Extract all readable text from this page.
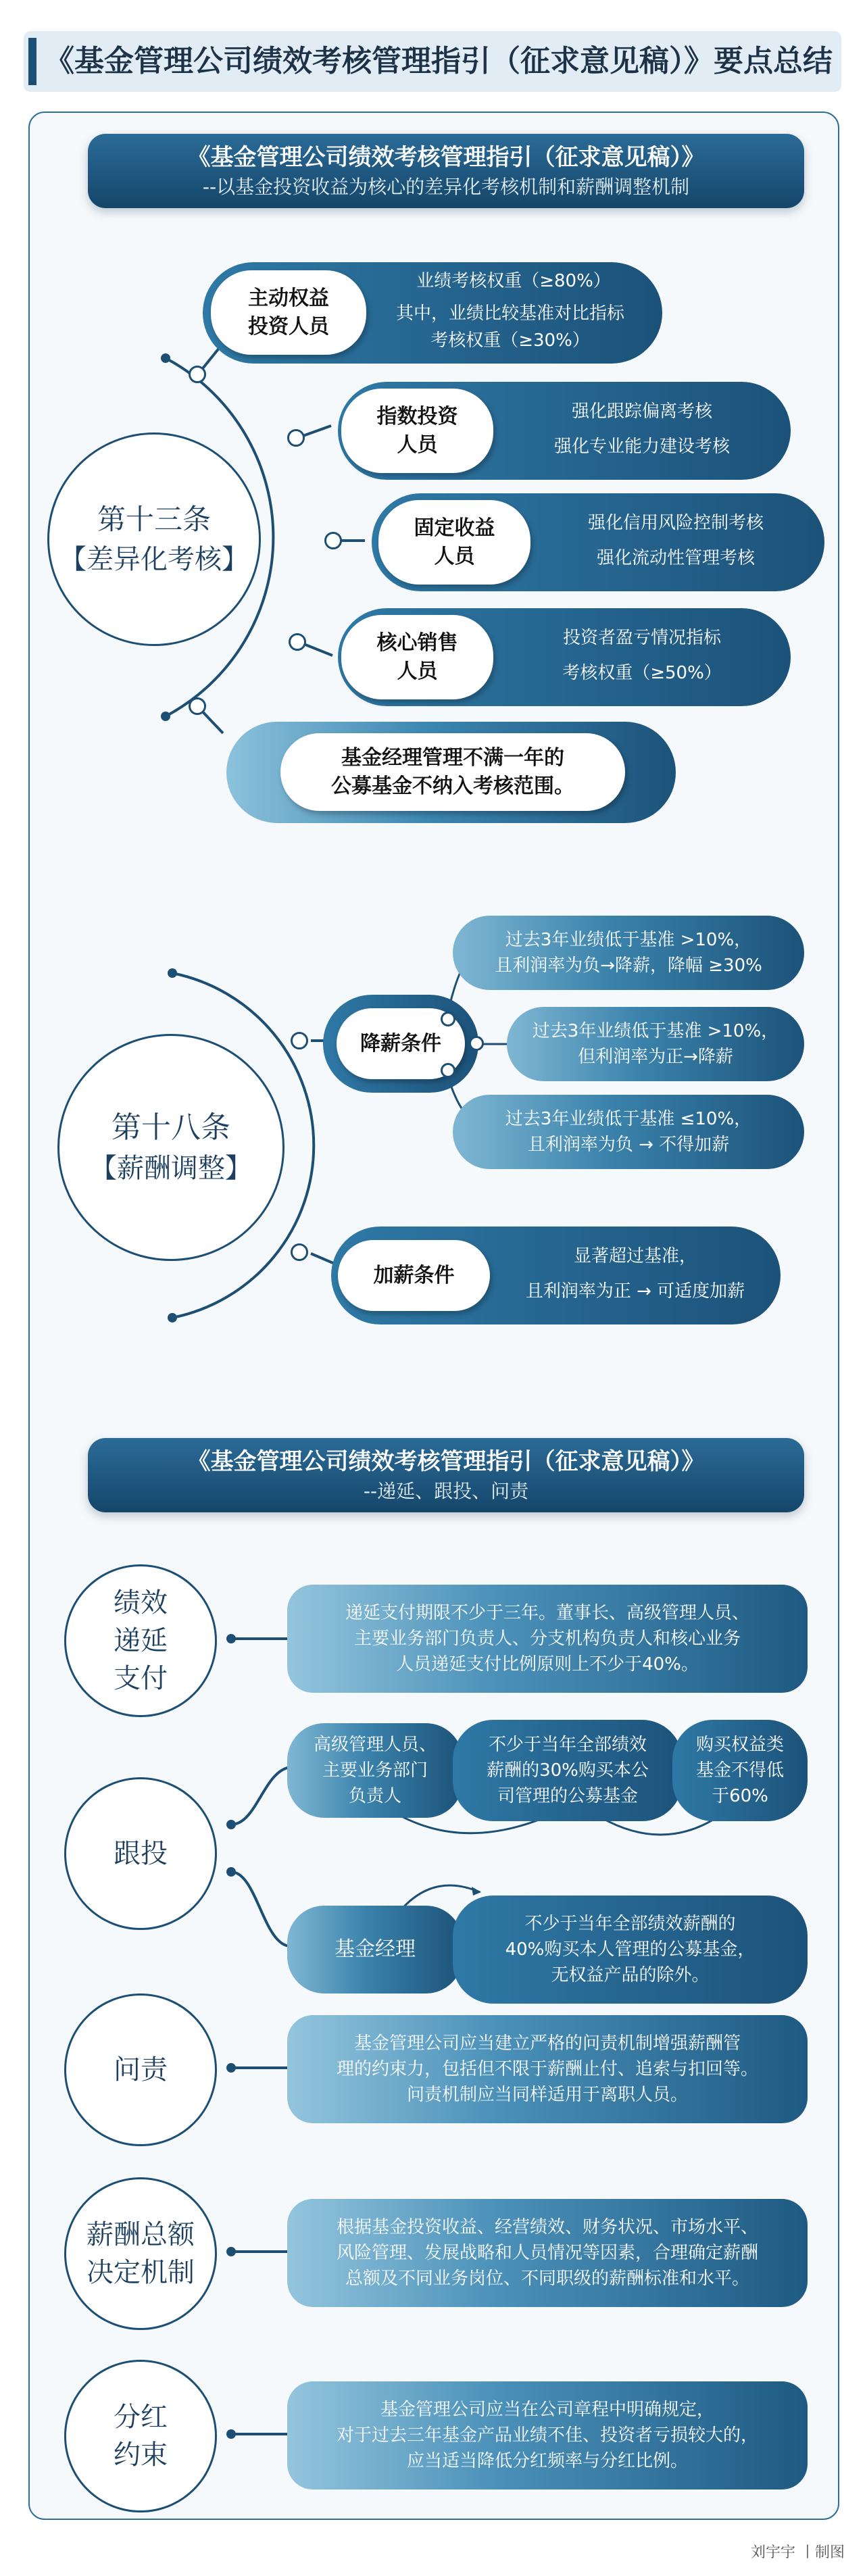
《基金管理公司绩效考核管理指引（征求意见稿）》要点总结
《基金管理公司绩效考核管理指引（征求意见稿）》
--以基金投资收益为核心的差异化考核机制和薪酬调整机制
第十三条
【差异化考核】
业绩考核权重（≥80%）
其中，业绩比较基准对比指标
考核权重（≥30%）
主动权益
投资人员
强化跟踪偏离考核
强化专业能力建设考核
指数投资
人员
强化信用风险控制考核
强化流动性管理考核
固定收益
人员
投资者盈亏情况指标
考核权重（≥50%）
核心销售
人员
基金经理管理不满一年的
公募基金不纳入考核范围。
第十八条
【薪酬调整】
降薪条件
过去3年业绩低于基准 >10%，
且利润率为负→降薪，降幅 ≥30%
过去3年业绩低于基准 >10%，
但利润率为正→降薪
过去3年业绩低于基准 ≤10%，
且利润率为负 → 不得加薪
显著超过基准，
且利润率为正 → 可适度加薪
加薪条件
《基金管理公司绩效考核管理指引（征求意见稿）》
--递延、跟投、问责
绩效
递延
支付
递延支付期限不少于三年。董事长、高级管理人员、
主要业务部门负责人、分支机构负责人和核心业务
人员递延支付比例原则上不少于40%。
跟投
高级管理人员、
主要业务部门
负责人
不少于当年全部绩效
薪酬的30%购买本公
司管理的公募基金
购买权益类
基金不得低
于60%
基金经理
不少于当年全部绩效薪酬的
40%购买本人管理的公募基金，
无权益产品的除外。
问责
基金管理公司应当建立严格的问责机制增强薪酬管
理的约束力，包括但不限于薪酬止付、追索与扣回等。
问责机制应当同样适用于离职人员。
薪酬总额
决定机制
根据基金投资收益、经营绩效、财务状况、市场水平、
风险管理、发展战略和人员情况等因素，合理确定薪酬
总额及不同业务岗位、不同职级的薪酬标准和水平。
分红
约束
基金管理公司应当在公司章程中明确规定，
对于过去三年基金产品业绩不佳、投资者亏损较大的，
应当适当降低分红频率与分红比例。
刘宇宇 丨制图
